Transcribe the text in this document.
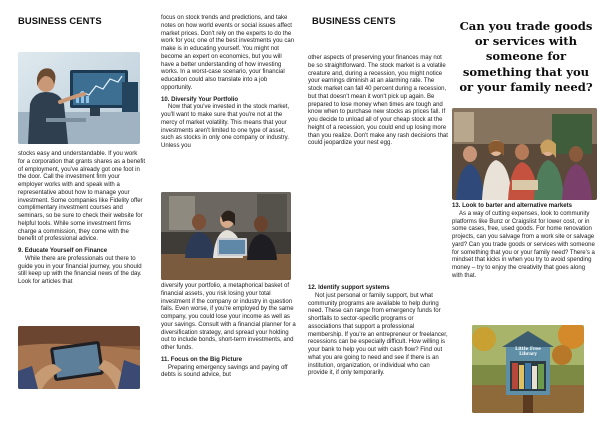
BUSINESS CENTS

stocks easy and understandable. If you work for a corporation that grants shares as a benefit of employment, you've already got one foot in the door. Call the investment firm your employer works with and speak with a representative about how to manage your investment. Some companies like Fidelity offer complimentary investment courses and seminars, so be sure to check their website for helpful tools. While some investment firms charge a commission, they come with the benefit of professional advice.

9. Educate Yourself on Finance

While there are professionals out there to guide you in your financial journey, you should still keep up with the financial news of the day. Look for articles that

focus on stock trends and predictions, and take notes on how world events or social issues affect market prices. Don't rely on the experts to do the work for you; one of the best investments you can make is in educating yourself. You might not become an expert on economics, but you will have a better understanding of how investing works. In a worst-case scenario, your financial education could also translate into a job opportunity.

10. Diversify Your Portfolio

Now that you've invested in the stock market, you'll want to make sure that you're not at the mercy of market volatility. This means that your investments aren't limited to one type of asset, such as stocks in only one company or industry. Unless you

diversify your portfolio, a metaphorical basket of financial assets, you risk losing your total investment if the company or industry in question fails. Even worse, if you're employed by the same company, you could lose your income as well as your savings. Consult with a financial planner for a diversification strategy, and spread your holding out to include bonds, short-term investments, and other funds.

11. Focus on the Big Picture

Preparing emergency savings and paying off debts is sound advice, but

BUSINESS CENTS

other aspects of preserving your finances may not be so straightforward. The stock market is a volatile creature and, during a recession, you might notice your earnings diminish at an alarming rate. The stock market can fall 40 percent during a recession, but that doesn't mean it won't pick up again. Be prepared to lose money when times are tough and know when to purchase new stocks as prices fall. If you decide to unload all of your cheap stock at the height of a recession, you could end up losing more than you realize. Don't make any rash decisions that could jeopardize your nest egg.

12. Identify support systems

Not just personal or family support, but what community programs are available to help during need. These can range from emergency funds for shortfalls to sector-specific programs or associations that support a professional membership. If you're an entrepreneur or freelancer, recessions can be especially difficult. How willing is your bank to help you out with cash flow? Find out what you are going to need and see if there is an institution, organization, or individual who can provide it, if only temporarily.

Can you trade goods or services with someone for something that you or your family need?

13. Look to barter and alternative markets

As a way of cutting expenses, look to community platforms like Bunz or Craigslist for lower cost, or in some cases, free, used goods. For home renovation projects, can you salvage from a work site or salvage yard? Can you trade goods or services with someone for something that you or your family need? There's a mindset that kicks in when you try to avoid spending money – try to enjoy the creativity that goes along with that.

Little Free Library
